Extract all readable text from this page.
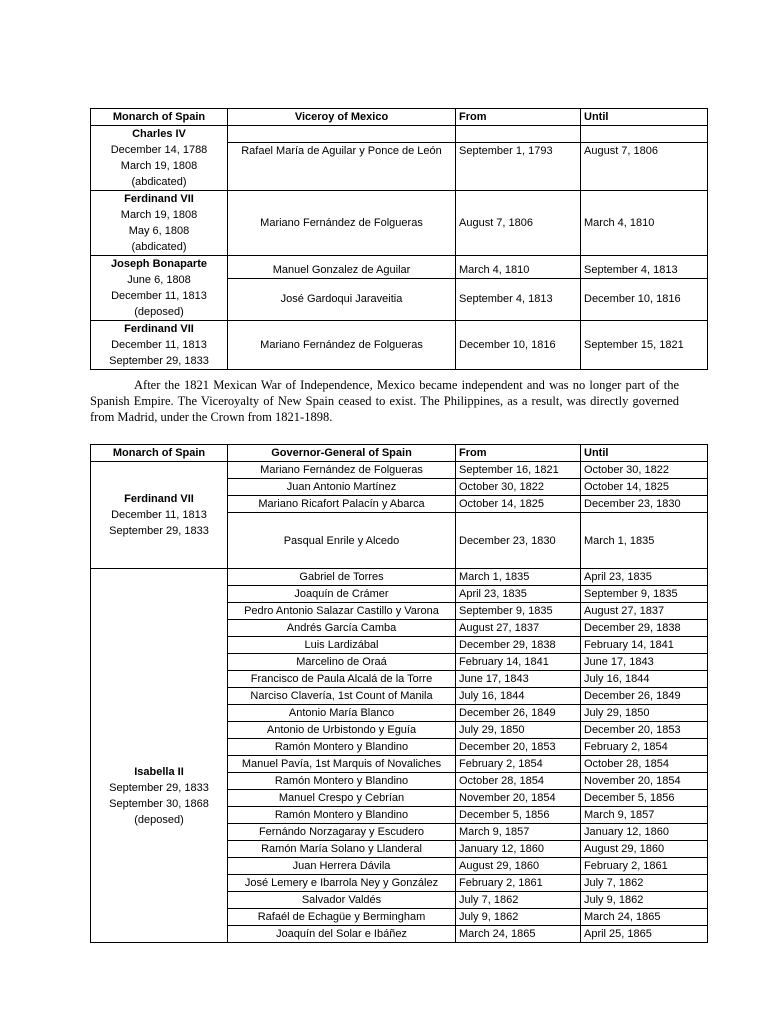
Monarch of Spain	Viceroy of Mexico	From	Until

Charles IV
December 14, 1788
March 19, 1808
(abdicated)			

	Rafael María de Aguilar y Ponce de León	September 1, 1793	August 7, 1806

Ferdinand VII
March 19, 1808
May 6, 1808
(abdicated)	Mariano Fernández de Folgueras	August 7, 1806	March 4, 1810

Joseph Bonaparte
June 6, 1808
December 11, 1813
(deposed)	Manuel Gonzalez de Aguilar	March 4, 1810	September 4, 1813
	José Gardoqui Jaraveitia	September 4, 1813	December 10, 1816

Ferdinand VII
December 11, 1813
September 29, 1833	Mariano Fernández de Folgueras	December 10, 1816	September 15, 1821
After the 1821 Mexican War of Independence, Mexico became independent and was no longer part of the Spanish Empire. The Viceroyalty of New Spain ceased to exist. The Philippines, as a result, was directly governed from Madrid, under the Crown from 1821-1898.
Monarch of Spain	Governor-General of Spain	From	Until

Ferdinand VII
December 11, 1813
September 29, 1833	Mariano Fernández de Folgueras	September 16, 1821	October 30, 1822
	Juan Antonio Martínez	October 30, 1822	October 14, 1825
	Mariano Ricafort Palacín y Abarca	October 14, 1825	December 23, 1830
	Pasqual Enrile y Alcedo	December 23, 1830	March 1, 1835

Isabella II
September 29, 1833
September 30, 1868
(deposed)	Gabriel de Torres	March 1, 1835	April 23, 1835
	Joaquín de Crámer	April 23, 1835	September 9, 1835
	Pedro Antonio Salazar Castillo y Varona	September 9, 1835	August 27, 1837
	Andrés García Camba	August 27, 1837	December 29, 1838
	Luis Lardizábal	December 29, 1838	February 14, 1841
	Marcelino de Oraá	February 14, 1841	June 17, 1843
	Francisco de Paula Alcalá de la Torre	June 17, 1843	July 16, 1844
	Narciso Clavería, 1st Count of Manila	July 16, 1844	December 26, 1849
	Antonio María Blanco	December 26, 1849	July 29, 1850
	Antonio de Urbistondo y Eguía	July 29, 1850	December 20, 1853
	Ramón Montero y Blandino	December 20, 1853	February 2, 1854
	Manuel Pavía, 1st Marquis of Novaliches	February 2, 1854	October 28, 1854
	Ramón Montero y Blandino	October 28, 1854	November 20, 1854
	Manuel Crespo y Cebrían	November 20, 1854	December 5, 1856
	Ramón Montero y Blandino	December 5, 1856	March 9, 1857
	Fernándo Norzagaray y Escudero	March 9, 1857	January 12, 1860
	Ramón María Solano y Llanderal	January 12, 1860	August 29, 1860
	Juan Herrera Dávila	August 29, 1860	February 2, 1861
	José Lemery e Ibarrola Ney y González	February 2, 1861	July 7, 1862
	Salvador Valdés	July 7, 1862	July 9, 1862
	Rafaél de Echagüe y Bermingham	July 9, 1862	March 24, 1865
	Joaquín del Solar e Ibáñez	March 24, 1865	April 25, 1865
